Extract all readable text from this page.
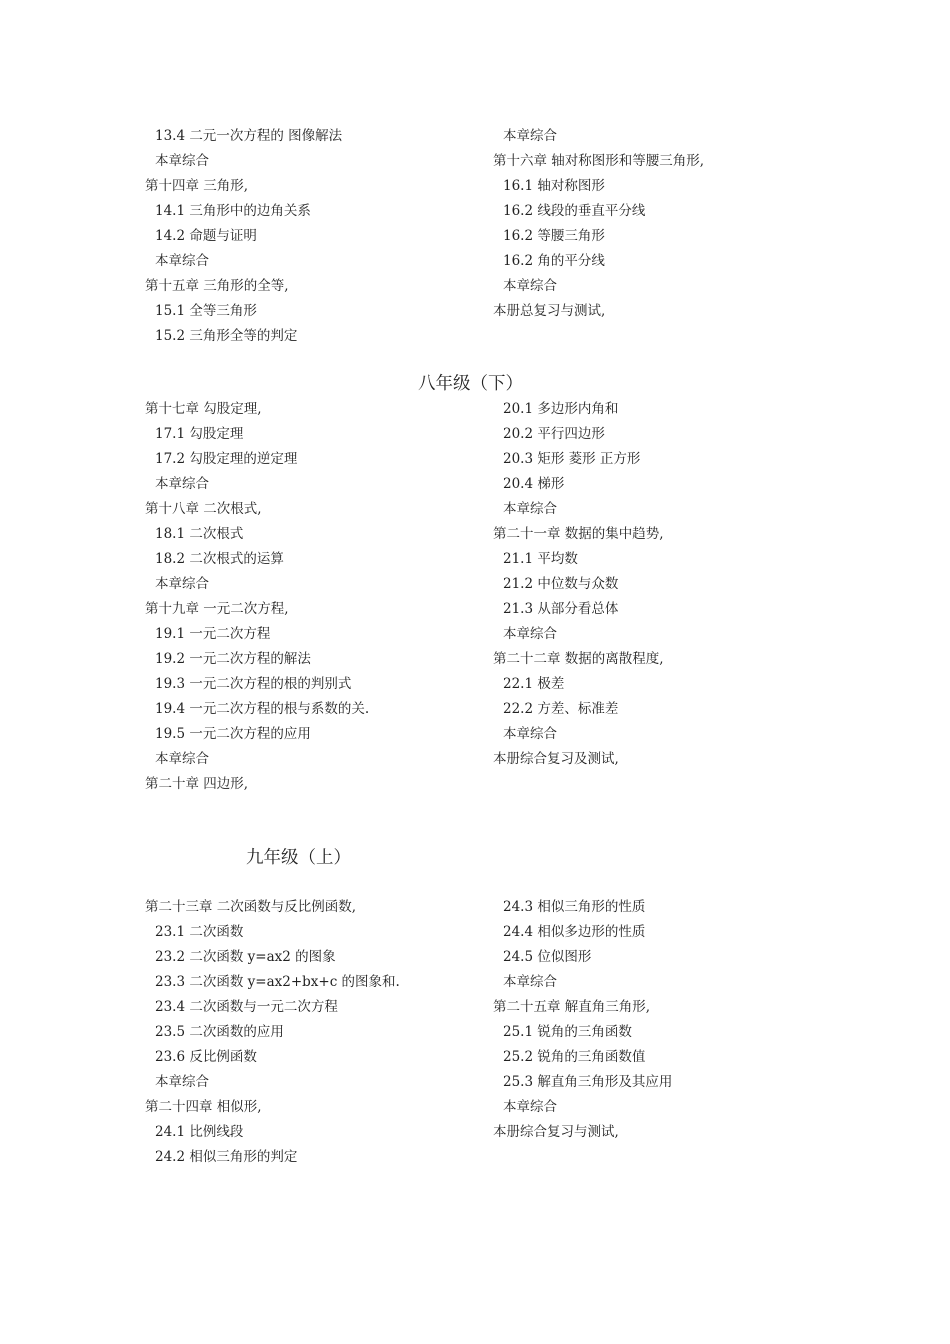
13.4 二元一次方程的 图像解法
本章综合
第十四章 三角形,
14.1 三角形中的边角关系
14.2 命题与证明
本章综合
第十五章 三角形的全等,
15.1 全等三角形
15.2 三角形全等的判定
本章综合
第十六章 轴对称图形和等腰三角形,
16.1 轴对称图形
16.2 线段的垂直平分线
16.2 等腰三角形
16.2 角的平分线
本章综合
本册总复习与测试,
八年级（下）
第十七章 勾股定理,
17.1 勾股定理
17.2 勾股定理的逆定理
本章综合
第十八章 二次根式,
18.1 二次根式
18.2 二次根式的运算
本章综合
第十九章 一元二次方程,
19.1 一元二次方程
19.2 一元二次方程的解法
19.3 一元二次方程的根的判别式
19.4 一元二次方程的根与系数的关.
19.5 一元二次方程的应用
本章综合
第二十章 四边形,
20.1 多边形内角和
20.2 平行四边形
20.3 矩形 菱形 正方形
20.4 梯形
本章综合
第二十一章 数据的集中趋势,
21.1 平均数
21.2 中位数与众数
21.3 从部分看总体
本章综合
第二十二章 数据的离散程度,
22.1 极差
22.2 方差、标准差
本章综合
本册综合复习及测试,
九年级（上）
第二十三章 二次函数与反比例函数,
23.1 二次函数
23.2 二次函数 y=ax2 的图象
23.3 二次函数 y=ax2+bx+c 的图象和.
23.4 二次函数与一元二次方程
23.5 二次函数的应用
23.6 反比例函数
本章综合
第二十四章 相似形,
24.1 比例线段
24.2 相似三角形的判定
24.3 相似三角形的性质
24.4 相似多边形的性质
24.5 位似图形
本章综合
第二十五章 解直角三角形,
25.1 锐角的三角函数
25.2 锐角的三角函数值
25.3 解直角三角形及其应用
本章综合
本册综合复习与测试,
